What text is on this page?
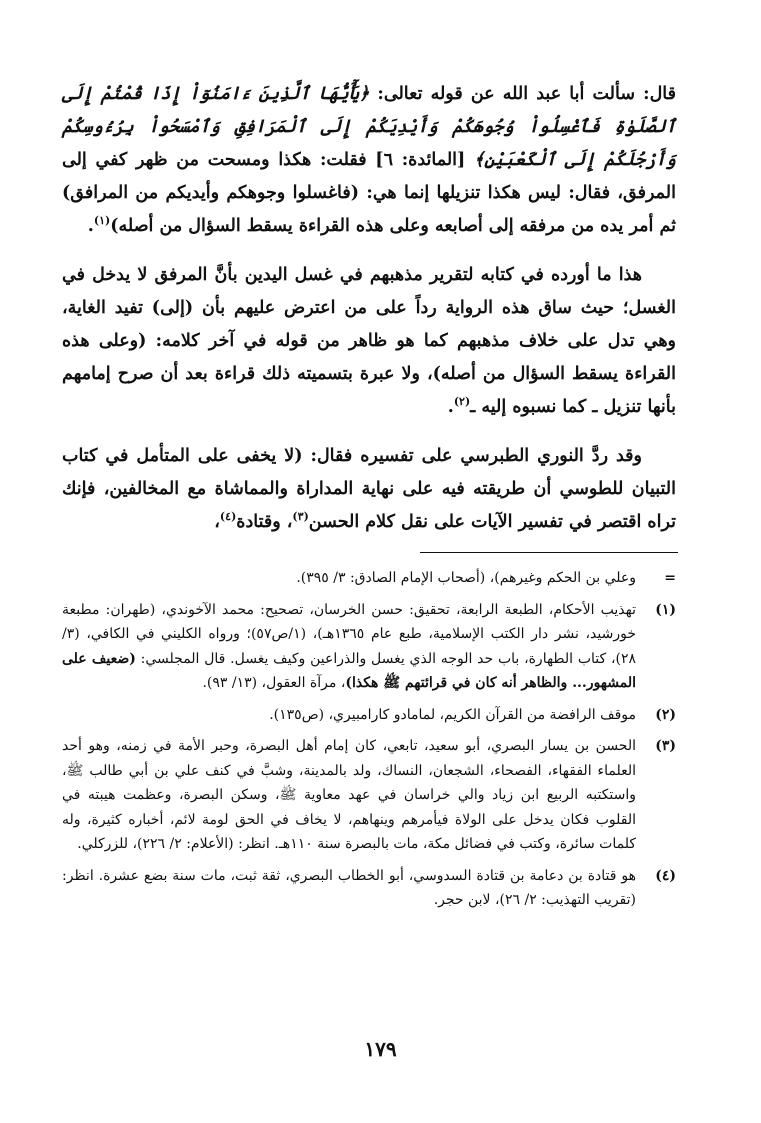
قال: سألت أبا عبد الله عن قوله تعالى: ﴿يَٰٓأَيُّهَا ٱلَّذِينَ ءَامَنُوٓاْ إِذَا قُمْتُمْ إِلَى ٱلصَّلَوٰةِ فَٱغْسِلُواْ وُجُوهَكُمْ وَأَيْدِيَكُمْ إِلَى ٱلْمَرَافِقِ وَٱمْسَحُواْ بِرُءُوسِكُمْ وَأَرْجُلَكُمْ إِلَى ٱلْكَعْبَيْنِ﴾ [المائدة: ٦] فقلت: هكذا ومسحت من ظهر كفي إلى المرفق، فقال: ليس هكذا تنزيلها إنما هي: (فاغسلوا وجوهكم وأيديكم من المرافق) ثم أمر يده من مرفقه إلى أصابعه وعلى هذه القراءة يسقط السؤال من أصله)$^{(١)}$.

هذا ما أورده في كتابه لتقرير مذهبهم في غسل اليدين بأنَّ المرفق لا يدخل في الغسل؛ حيث ساق هذه الرواية رداً على من اعترض عليهم بأن (إلى) تفيد الغاية، وهي تدل على خلاف مذهبهم كما هو ظاهر من قوله في آخر كلامه: (وعلى هذه القراءة يسقط السؤال من أصله)، ولا عبرة بتسميته ذلك قراءة بعد أن صرح إمامهم بأنها تنزيل ـ كما نسبوه إليه ـ$^{(٢)}$.

وقد ردَّ النوري الطبرسي على تفسيره فقال: (لا يخفى على المتأمل في كتاب التبيان للطوسي أن طريقته فيه على نهاية المداراة والمماشاة مع المخالفين، فإنك تراه اقتصر في تفسير الآيات على نقل كلام الحسن$^{(٣)}$، وقتادة$^{(٤)}$،

=
وعلي بن الحكم وغيرهم)، (أصحاب الإمام الصادق: ٣/ ٣٩٥).
(١)
تهذيب الأحكام، الطبعة الرابعة، تحقيق: حسن الخرسان، تصحيح: محمد الآخوندي، (طهران: مطبعة خورشيد، نشر دار الكتب الإسلامية، طبع عام ١٣٦٥هـ)، (١/ص٥٧)؛ ورواه الكليني في الكافي، (٣/ ٢٨)، كتاب الطهارة، باب حد الوجه الذي يغسل والذراعين وكيف يغسل. قال المجلسي: (ضعيف على المشهور... والظاهر أنه كان في قرائتهم ﷺ هكذا)، مرآة العقول، (١٣/ ٩٣).
(٢)
موقف الرافضة من القرآن الكريم، لمامادو كارامبيري، (ص١٣٥).
(٣)
الحسن بن يسار البصري، أبو سعيد، تابعي، كان إمام أهل البصرة، وحبر الأمة في زمنه، وهو أحد العلماء الفقهاء، الفصحاء، الشجعان، النساك، ولد بالمدينة، وشبَّ في كنف علي بن أبي طالب ﷺ، واستكتبه الربيع ابن زياد والي خراسان في عهد معاوية ﷺ، وسكن البصرة، وعظمت هيبته في القلوب فكان يدخل على الولاة فيأمرهم وينهاهم، لا يخاف في الحق لومة لائم، أخباره كثيرة، وله كلمات سائرة، وكتب في فضائل مكة، مات بالبصرة سنة ١١٠هـ. انظر: (الأعلام: ٢/ ٢٢٦)، للزركلي.
(٤)
هو قتادة بن دعامة بن قتادة السدوسي، أبو الخطاب البصري، ثقة ثبت، مات سنة بضع عشرة. انظر: (تقريب التهذيب: ٢/ ٢٦)، لابن حجر.
١٧٩
